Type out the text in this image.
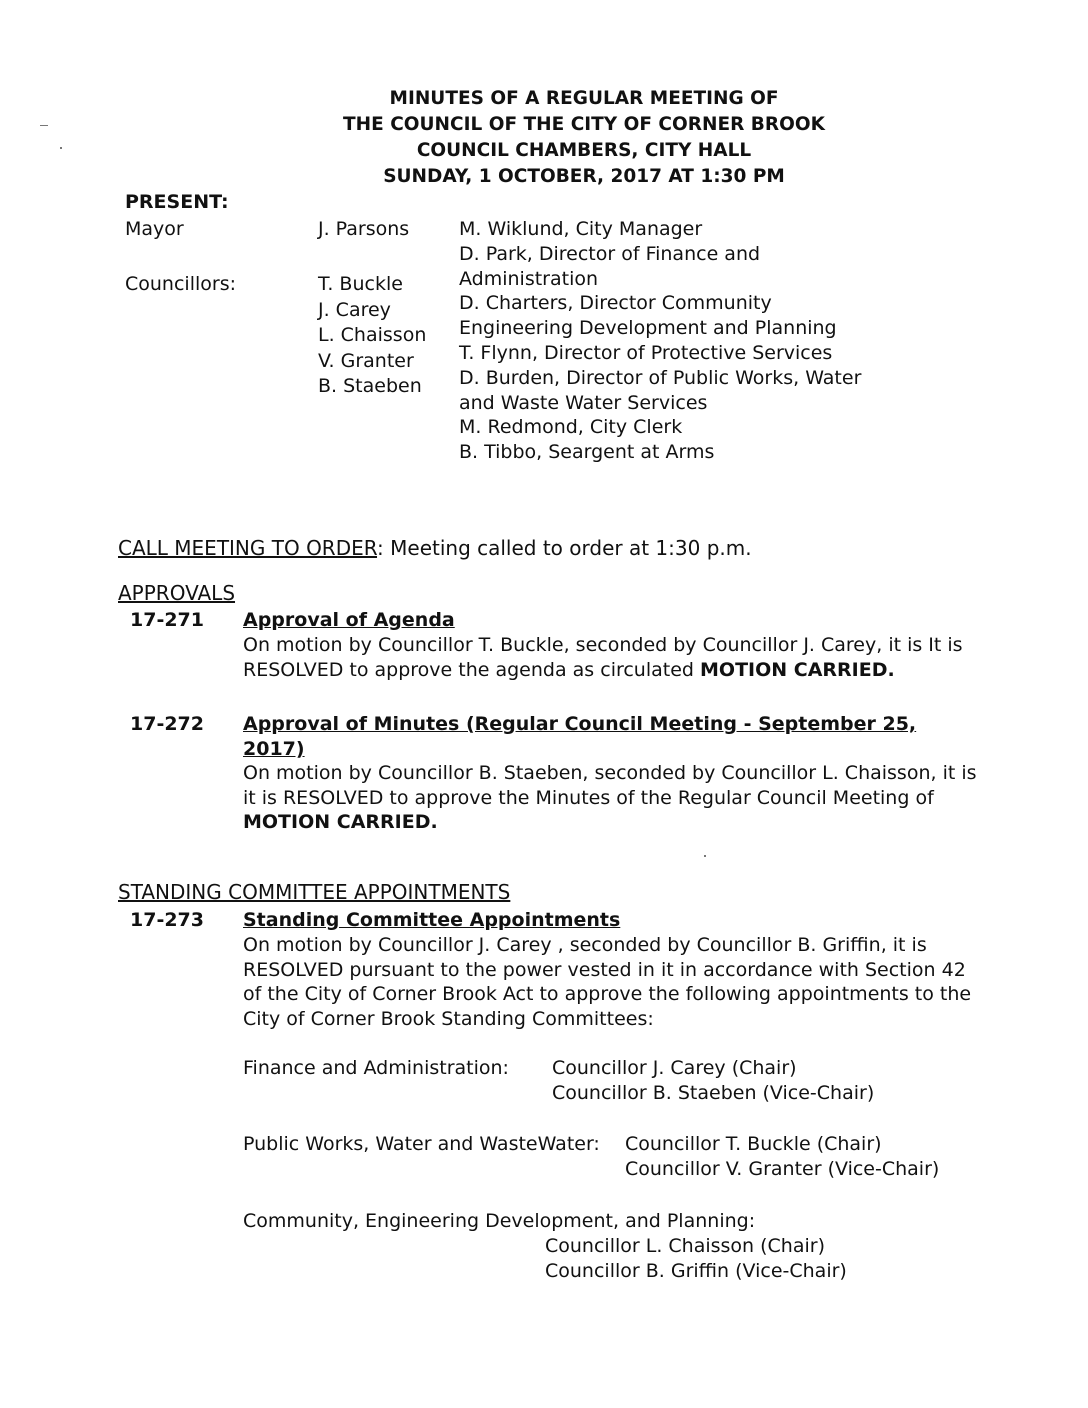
MINUTES OF A REGULAR MEETING OF
THE COUNCIL OF THE CITY OF CORNER BROOK
COUNCIL CHAMBERS, CITY HALL
SUNDAY, 1 OCTOBER, 2017 AT 1:30 PM
PRESENT:
Mayor	J. Parsons
Councillors:	T. Buckle
J. Carey
L. Chaisson
V. Granter
B. Staeben
M. Wiklund, City Manager
D. Park, Director of Finance and
Administration
D. Charters, Director Community
Engineering Development and Planning
T. Flynn, Director of Protective Services
D. Burden, Director of Public Works, Water
and Waste Water Services
M. Redmond, City Clerk
B. Tibbo, Seargent at Arms
CALL MEETING TO ORDER: Meeting called to order at 1:30 p.m.
APPROVALS
17-271 Approval of Agenda
On motion by Councillor T. Buckle, seconded by Councillor J. Carey, it is It is
RESOLVED to approve the agenda as circulated MOTION CARRIED.
17-272 Approval of Minutes (Regular Council Meeting - September 25,
2017)
On motion by Councillor B. Staeben, seconded by Councillor L. Chaisson, it is
it is RESOLVED to approve the Minutes of the Regular Council Meeting of
MOTION CARRIED.
STANDING COMMITTEE APPOINTMENTS
17-273 Standing Committee Appointments
On motion by Councillor J. Carey , seconded by Councillor B. Griffin, it is
RESOLVED pursuant to the power vested in it in accordance with Section 42
of the City of Corner Brook Act to approve the following appointments to the
City of Corner Brook Standing Committees:
Finance and Administration: Councillor J. Carey (Chair)
Councillor B. Staeben (Vice-Chair)
Public Works, Water and WasteWater: Councillor T. Buckle (Chair)
Councillor V. Granter (Vice-Chair)
Community, Engineering Development, and Planning:
Councillor L. Chaisson (Chair)
Councillor B. Griffin (Vice-Chair)
